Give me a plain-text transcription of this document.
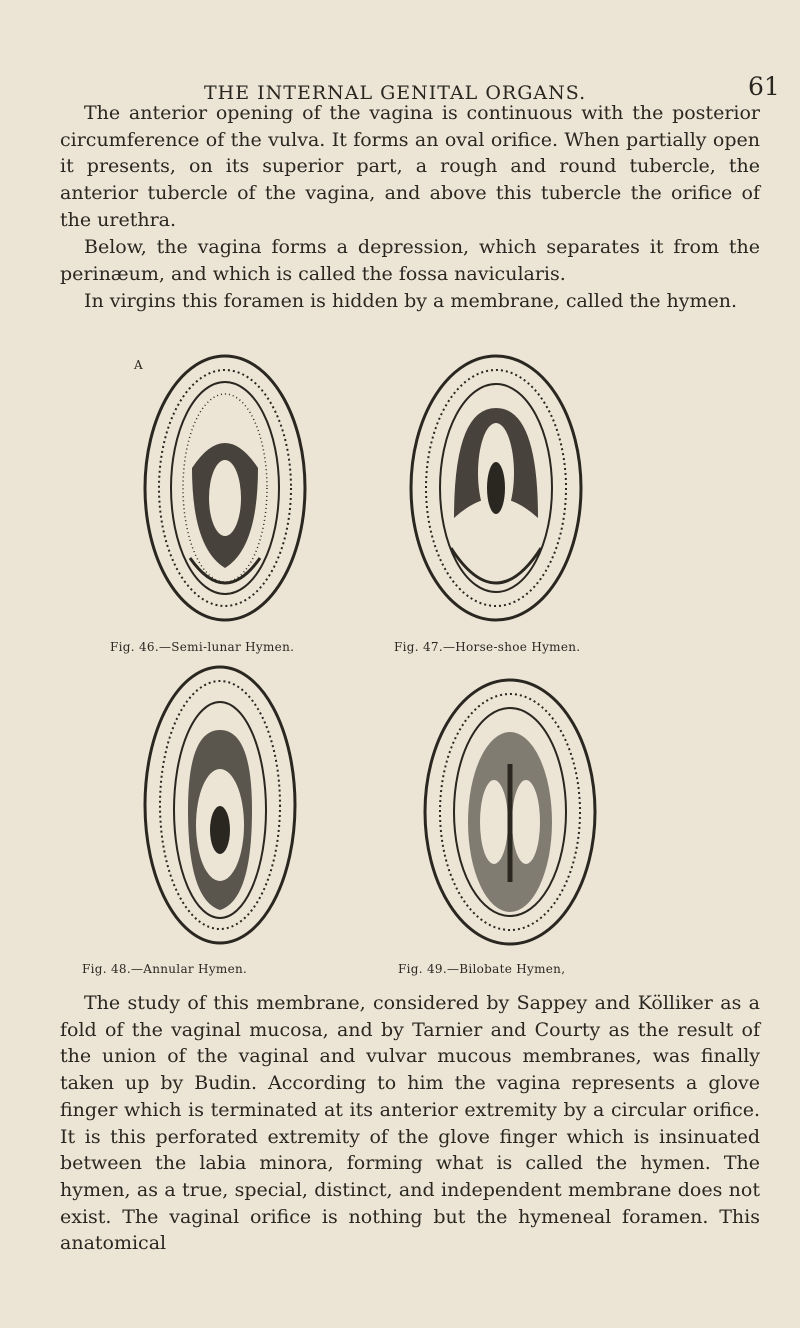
THE INTERNAL GENITAL ORGANS.	61

The anterior opening of the vagina is continuous with the posterior circumference of the vulva. It forms an oval orifice. When partially open it presents, on its superior part, a rough and round tubercle, the anterior tubercle of the vagina, and above this tubercle the orifice of the urethra.

Below, the vagina forms a depression, which separates it from the perinæum, and which is called the fossa navicularis.

In virgins this foramen is hidden by a membrane, called the hymen.

A
Fig. 46.—Semi-lunar Hymen.	Fig. 47.—Horse-shoe Hymen.
Fig. 48.—Annular Hymen.	Fig. 49.—Bilobate Hymen,

The study of this membrane, considered by Sappey and Kölliker as a fold of the vaginal mucosa, and by Tarnier and Courty as the result of the union of the vaginal and vulvar mucous membranes, was finally taken up by Budin. According to him the vagina represents a glove finger which is terminated at its anterior extremity by a circular orifice. It is this perforated extremity of the glove finger which is insinuated between the labia minora, forming what is called the hymen. The hymen, as a true, special, distinct, and independent membrane does not exist. The vaginal orifice is nothing but the hymeneal foramen. This anatomical
